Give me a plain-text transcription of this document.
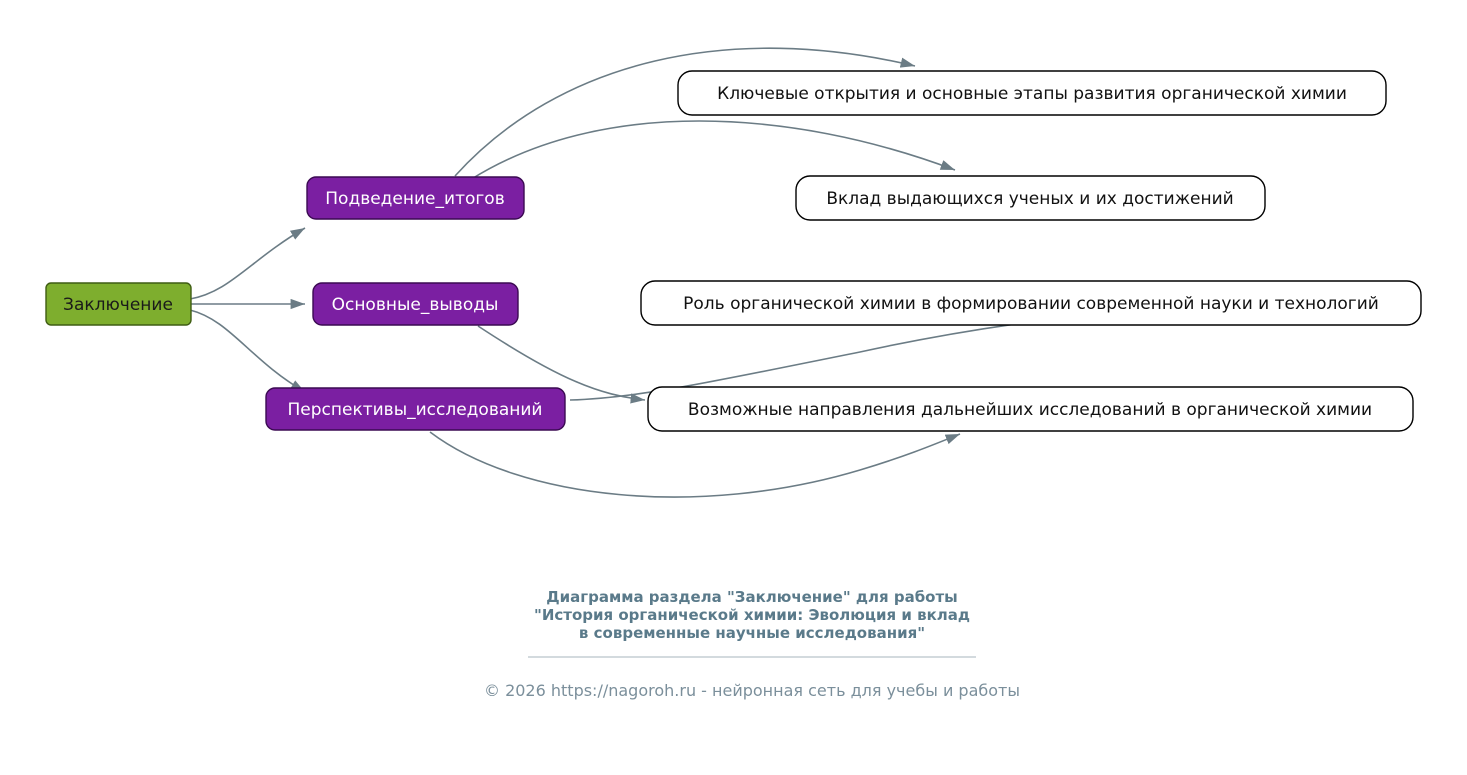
Заключение
Подведение_итогов
Основные_выводы
Перспективы_исследований
Ключевые открытия и основные этапы развития органической химии
Вклад выдающихся ученых и их достижений
Роль органической химии в формировании современной науки и технологий
Возможные направления дальнейших исследований в органической химии
Диаграмма раздела "Заключение" для работы
"История органической химии: Эволюция и вклад
в современные научные исследования"
© 2026 https://nagoroh.ru - нейронная сеть для учебы и работы
